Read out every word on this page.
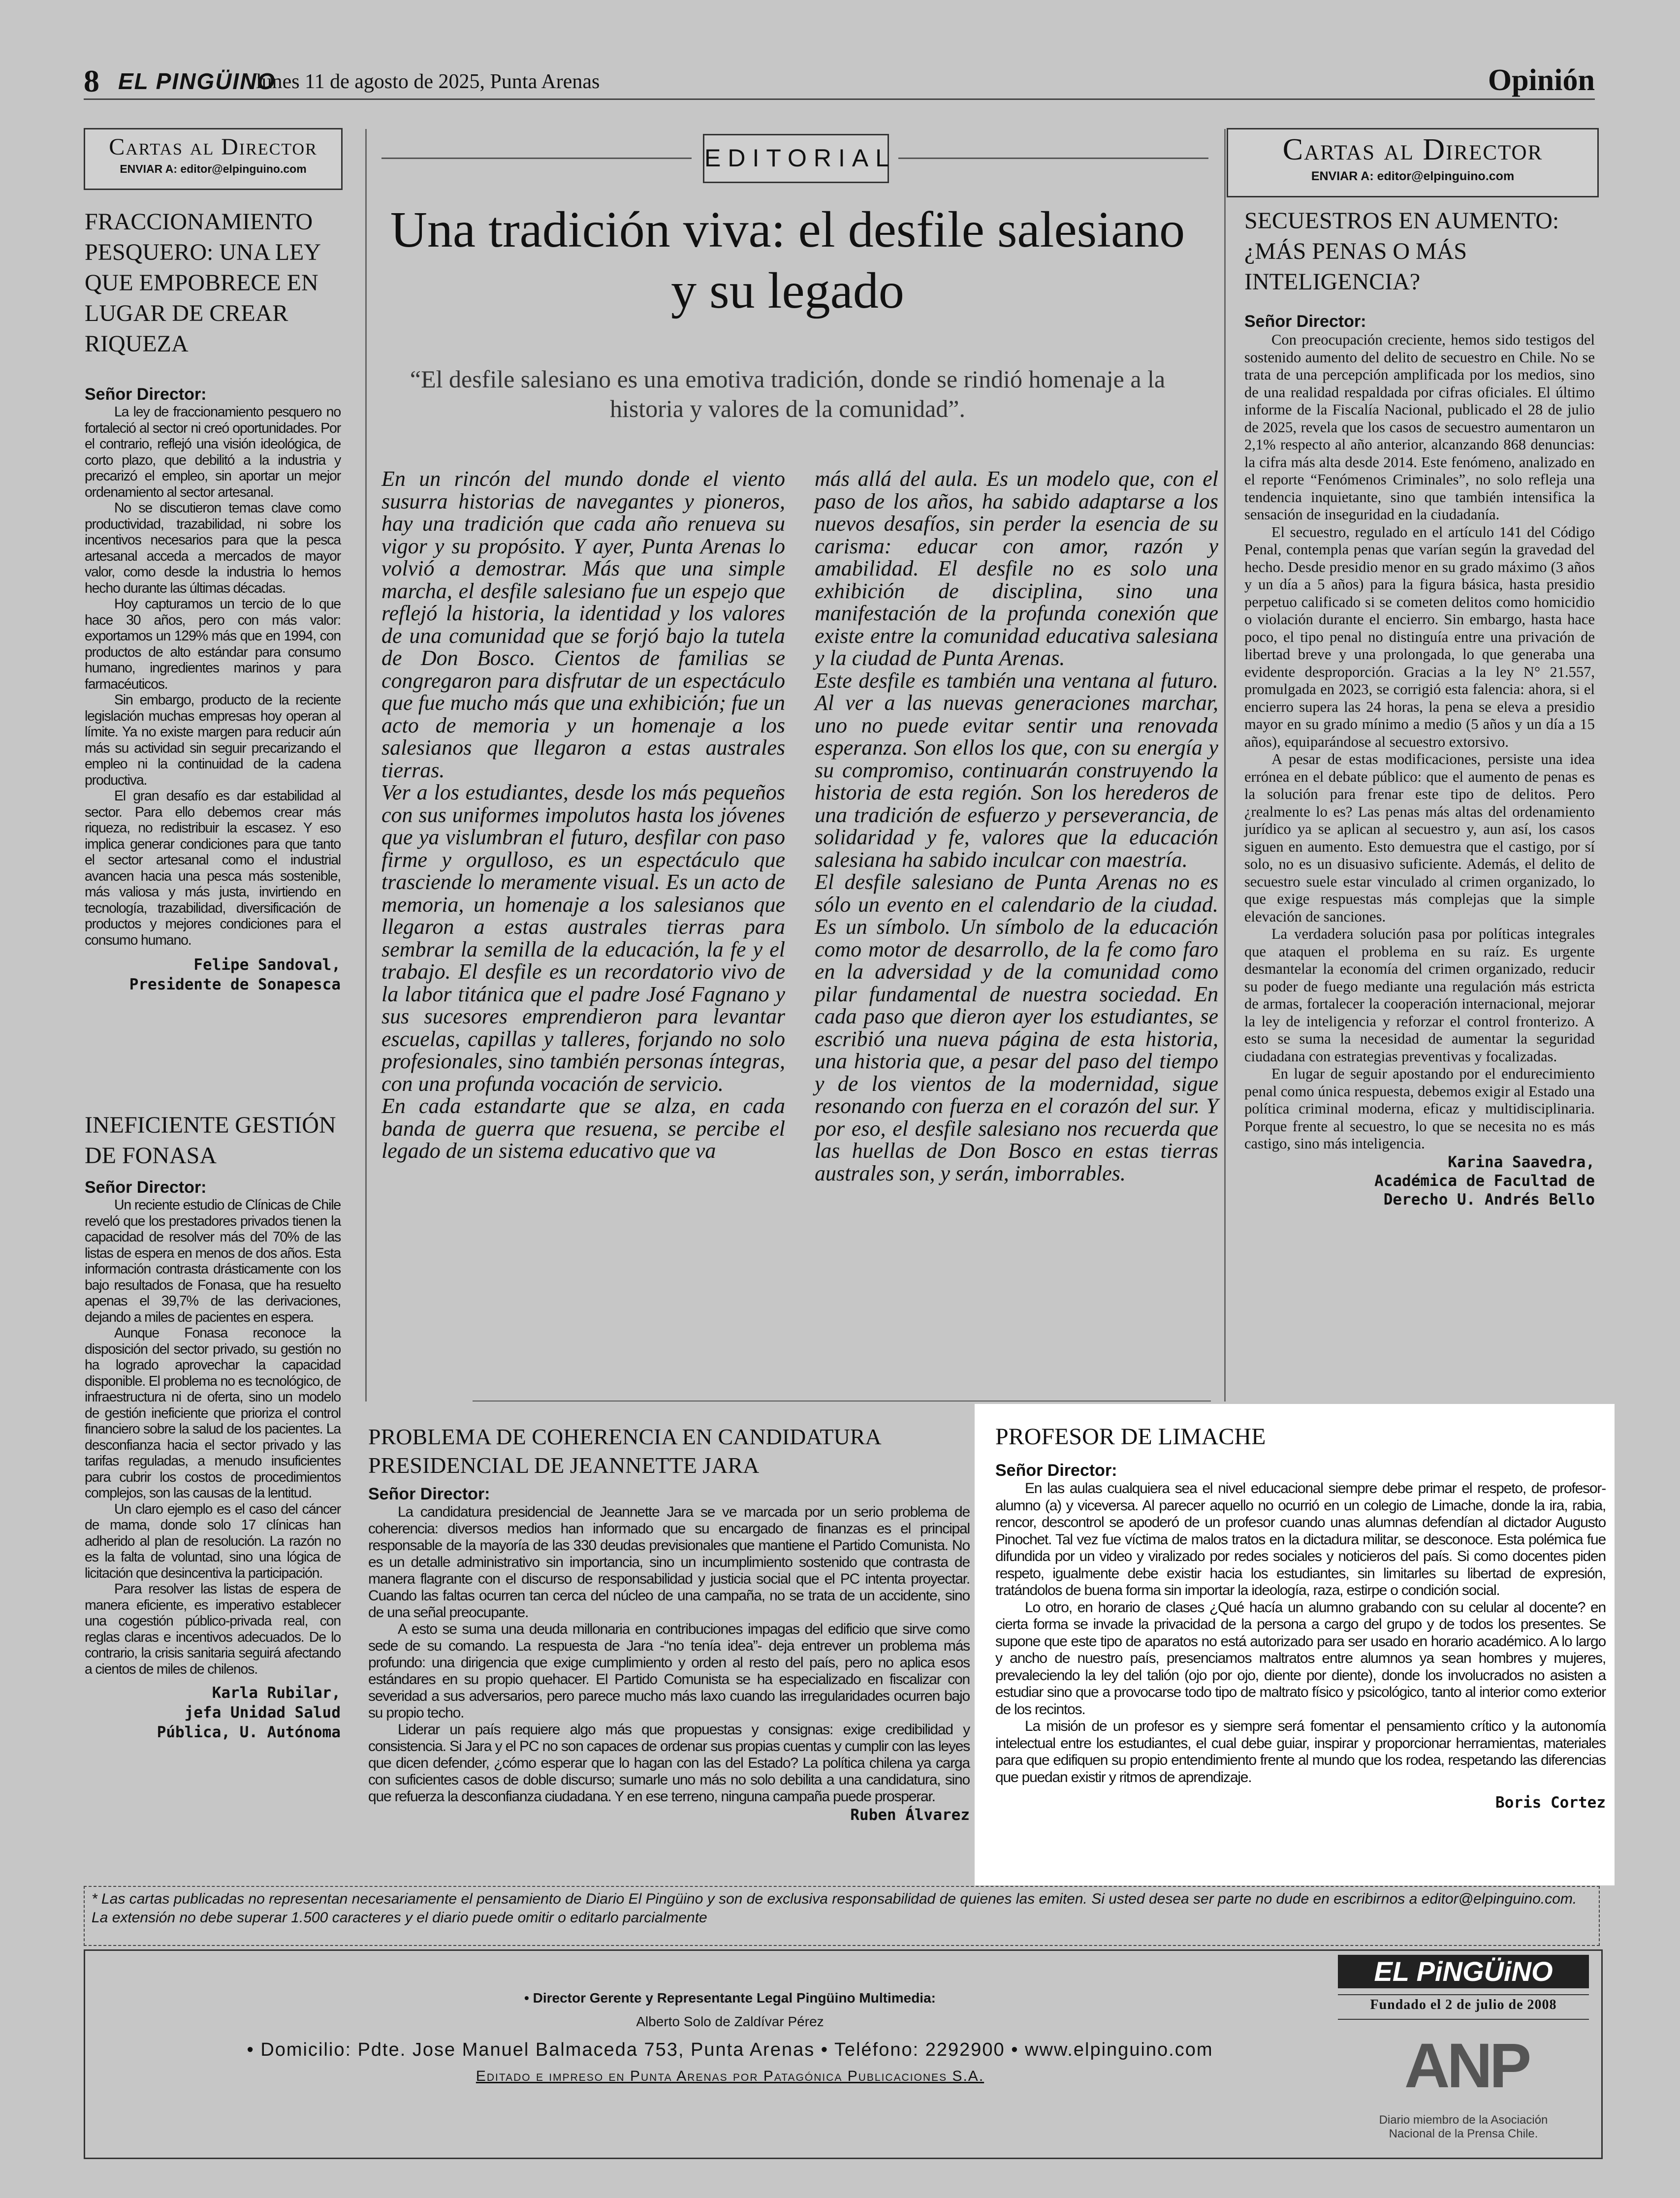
8 EL PINGÜINO
lunes 11 de agosto de 2025, Punta Arenas	Opinión
Cartas al Director
ENVIAR A: editor@elpinguino.com
FRACCIONAMIENTO PESQUERO: UNA LEY QUE EMPOBRECE EN LUGAR DE CREAR RIQUEZA
Señor Director:

La ley de fraccionamiento pesquero no fortaleció al sector ni creó oportunidades. Por el contrario, reflejó una visión ideológica, de corto plazo, que debilitó a la industria y precarizó el empleo, sin aportar un mejor ordenamiento al sector artesanal.

No se discutieron temas clave como productividad, trazabilidad, ni sobre los incentivos necesarios para que la pesca artesanal acceda a mercados de mayor valor, como desde la industria lo hemos hecho durante las últimas décadas.

Hoy capturamos un tercio de lo que hace 30 años, pero con más valor: exportamos un 129% más que en 1994, con productos de alto estándar para consumo humano, ingredientes marinos y para farmacéuticos.

Sin embargo, producto de la reciente legislación muchas empresas hoy operan al límite. Ya no existe margen para reducir aún más su actividad sin seguir precarizando el empleo ni la continuidad de la cadena productiva.

El gran desafío es dar estabilidad al sector. Para ello debemos crear más riqueza, no redistribuir la escasez. Y eso implica generar condiciones para que tanto el sector artesanal como el industrial avancen hacia una pesca más sostenible, más valiosa y más justa, invirtiendo en tecnología, trazabilidad, diversificación de productos y mejores condiciones para el consumo humano.

Felipe Sandoval,
Presidente de Sonapesca
INEFICIENTE GESTIÓN DE FONASA
Señor Director:

Un reciente estudio de Clínicas de Chile reveló que los prestadores privados tienen la capacidad de resolver más del 70% de las listas de espera en menos de dos años. Esta información contrasta drásticamente con los bajo resultados de Fonasa, que ha resuelto apenas el 39,7% de las derivaciones, dejando a miles de pacientes en espera.

Aunque Fonasa reconoce la disposición del sector privado, su gestión no ha logrado aprovechar la capacidad disponible. El problema no es tecnológico, de infraestructura ni de oferta, sino un modelo de gestión ineficiente que prioriza el control financiero sobre la salud de los pacientes. La desconfianza hacia el sector privado y las tarifas reguladas, a menudo insuficientes para cubrir los costos de procedimientos complejos, son las causas de la lentitud.

Un claro ejemplo es el caso del cáncer de mama, donde solo 17 clínicas han adherido al plan de resolución. La razón no es la falta de voluntad, sino una lógica de licitación que desincentiva la participación.

Para resolver las listas de espera de manera eficiente, es imperativo establecer una cogestión público-privada real, con reglas claras e incentivos adecuados. De lo contrario, la crisis sanitaria seguirá afectando a cientos de miles de chilenos.

Karla Rubilar,
jefa Unidad Salud
Pública, U. Autónoma
EDITORIAL
Una tradición viva: el desfile salesiano y su legado
“El desfile salesiano es una emotiva tradición, donde se rindió homenaje a la historia y valores de la comunidad”.

En un rincón del mundo donde el viento susurra historias de navegantes y pioneros, hay una tradición que cada año renueva su vigor y su propósito. Y ayer, Punta Arenas lo volvió a demostrar. Más que una simple marcha, el desfile salesiano fue un espejo que reflejó la historia, la identidad y los valores de una comunidad que se forjó bajo la tutela de Don Bosco. Cientos de familias se congregaron para disfrutar de un espectáculo que fue mucho más que una exhibición; fue un acto de memoria y un homenaje a los salesianos que llegaron a estas australes tierras.

Ver a los estudiantes, desde los más pequeños con sus uniformes impolutos hasta los jóvenes que ya vislumbran el futuro, desfilar con paso firme y orgulloso, es un espectáculo que trasciende lo meramente visual. Es un acto de memoria, un homenaje a los salesianos que llegaron a estas australes tierras para sembrar la semilla de la educación, la fe y el trabajo. El desfile es un recordatorio vivo de la labor titánica que el padre José Fagnano y sus sucesores emprendieron para levantar escuelas, capillas y talleres, forjando no solo profesionales, sino también personas íntegras, con una profunda vocación de servicio.

En cada estandarte que se alza, en cada banda de guerra que resuena, se percibe el legado de un sistema educativo que va

más allá del aula. Es un modelo que, con el paso de los años, ha sabido adaptarse a los nuevos desafíos, sin perder la esencia de su carisma: educar con amor, razón y amabilidad. El desfile no es solo una exhibición de disciplina, sino una manifestación de la profunda conexión que existe entre la comunidad educativa salesiana y la ciudad de Punta Arenas.

Este desfile es también una ventana al futuro. Al ver a las nuevas generaciones marchar, uno no puede evitar sentir una renovada esperanza. Son ellos los que, con su energía y su compromiso, continuarán construyendo la historia de esta región. Son los herederos de una tradición de esfuerzo y perseverancia, de solidaridad y fe, valores que la educación salesiana ha sabido inculcar con maestría.

El desfile salesiano de Punta Arenas no es sólo un evento en el calendario de la ciudad. Es un símbolo. Un símbolo de la educación como motor de desarrollo, de la fe como faro en la adversidad y de la comunidad como pilar fundamental de nuestra sociedad. En cada paso que dieron ayer los estudiantes, se escribió una nueva página de esta historia, una historia que, a pesar del paso del tiempo y de los vientos de la modernidad, sigue resonando con fuerza en el corazón del sur. Y por eso, el desfile salesiano nos recuerda que las huellas de Don Bosco en estas tierras australes son, y serán, imborrables.

Cartas al Director
ENVIAR A: editor@elpinguino.com
SECUESTROS EN AUMENTO: ¿MÁS PENAS O MÁS INTELIGENCIA?
Señor Director:

Con preocupación creciente, hemos sido testigos del sostenido aumento del delito de secuestro en Chile. No se trata de una percepción amplificada por los medios, sino de una realidad respaldada por cifras oficiales. El último informe de la Fiscalía Nacional, publicado el 28 de julio de 2025, revela que los casos de secuestro aumentaron un 2,1% respecto al año anterior, alcanzando 868 denuncias: la cifra más alta desde 2014. Este fenómeno, analizado en el reporte “Fenómenos Criminales”, no solo refleja una tendencia inquietante, sino que también intensifica la sensación de inseguridad en la ciudadanía.

El secuestro, regulado en el artículo 141 del Código Penal, contempla penas que varían según la gravedad del hecho. Desde presidio menor en su grado máximo (3 años y un día a 5 años) para la figura básica, hasta presidio perpetuo calificado si se cometen delitos como homicidio o violación durante el encierro. Sin embargo, hasta hace poco, el tipo penal no distinguía entre una privación de libertad breve y una prolongada, lo que generaba una evidente desproporción. Gracias a la ley N° 21.557, promulgada en 2023, se corrigió esta falencia: ahora, si el encierro supera las 24 horas, la pena se eleva a presidio mayor en su grado mínimo a medio (5 años y un día a 15 años), equiparándose al secuestro extorsivo.

A pesar de estas modificaciones, persiste una idea errónea en el debate público: que el aumento de penas es la solución para frenar este tipo de delitos. Pero ¿realmente lo es? Las penas más altas del ordenamiento jurídico ya se aplican al secuestro y, aun así, los casos siguen en aumento. Esto demuestra que el castigo, por sí solo, no es un disuasivo suficiente. Además, el delito de secuestro suele estar vinculado al crimen organizado, lo que exige respuestas más complejas que la simple elevación de sanciones.

La verdadera solución pasa por políticas integrales que ataquen el problema en su raíz. Es urgente desmantelar la economía del crimen organizado, reducir su poder de fuego mediante una regulación más estricta de armas, fortalecer la cooperación internacional, mejorar la ley de inteligencia y reforzar el control fronterizo. A esto se suma la necesidad de aumentar la seguridad ciudadana con estrategias preventivas y focalizadas.

En lugar de seguir apostando por el endurecimiento penal como única respuesta, debemos exigir al Estado una política criminal moderna, eficaz y multidisciplinaria. Porque frente al secuestro, lo que se necesita no es más castigo, sino más inteligencia.

Karina Saavedra,
Académica de Facultad de
Derecho U. Andrés Bello
PROBLEMA DE COHERENCIA EN CANDIDATURA PRESIDENCIAL DE JEANNETTE JARA
Señor Director:

La candidatura presidencial de Jeannette Jara se ve marcada por un serio problema de coherencia: diversos medios han informado que su encargado de finanzas es el principal responsable de la mayoría de las 330 deudas previsionales que mantiene el Partido Comunista. No es un detalle administrativo sin importancia, sino un incumplimiento sostenido que contrasta de manera flagrante con el discurso de responsabilidad y justicia social que el PC intenta proyectar. Cuando las faltas ocurren tan cerca del núcleo de una campaña, no se trata de un accidente, sino de una señal preocupante.

A esto se suma una deuda millonaria en contribuciones impagas del edificio que sirve como sede de su comando. La respuesta de Jara -“no tenía idea”- deja entrever un problema más profundo: una dirigencia que exige cumplimiento y orden al resto del país, pero no aplica esos estándares en su propio quehacer. El Partido Comunista se ha especializado en fiscalizar con severidad a sus adversarios, pero parece mucho más laxo cuando las irregularidades ocurren bajo su propio techo.

Liderar un país requiere algo más que propuestas y consignas: exige credibilidad y consistencia. Si Jara y el PC no son capaces de ordenar sus propias cuentas y cumplir con las leyes que dicen defender, ¿cómo esperar que lo hagan con las del Estado? La política chilena ya carga con suficientes casos de doble discurso; sumarle uno más no solo debilita a una candidatura, sino que refuerza la desconfianza ciudadana. Y en ese terreno, ninguna campaña puede prosperar.

Ruben Álvarez
PROFESOR DE LIMACHE
Señor Director:

En las aulas cualquiera sea el nivel educacional siempre debe primar el respeto, de profesor-alumno (a) y viceversa. Al parecer aquello no ocurrió en un colegio de Limache, donde la ira, rabia, rencor, descontrol se apoderó de un profesor cuando unas alumnas defendían al dictador Augusto Pinochet. Tal vez fue víctima de malos tratos en la dictadura militar, se desconoce. Esta polémica fue difundida por un video y viralizado por redes sociales y noticieros del país. Si como docentes piden respeto, igualmente debe existir hacia los estudiantes, sin limitarles su libertad de expresión, tratándolos de buena forma sin importar la ideología, raza, estirpe o condición social.

Lo otro, en horario de clases ¿Qué hacía un alumno grabando con su celular al docente? en cierta forma se invade la privacidad de la persona a cargo del grupo y de todos los presentes. Se supone que este tipo de aparatos no está autorizado para ser usado en horario académico. A lo largo y ancho de nuestro país, presenciamos maltratos entre alumnos ya sean hombres y mujeres, prevaleciendo la ley del talión (ojo por ojo, diente por diente), donde los involucrados no asisten a estudiar sino que a provocarse todo tipo de maltrato físico y psicológico, tanto al interior como exterior de los recintos.

La misión de un profesor es y siempre será fomentar el pensamiento crítico y la autonomía intelectual entre los estudiantes, el cual debe guiar, inspirar y proporcionar herramientas, materiales para que edifiquen su propio entendimiento frente al mundo que los rodea, respetando las diferencias que puedan existir y ritmos de aprendizaje.

Boris Cortez
* Las cartas publicadas no representan necesariamente el pensamiento de Diario El Pingüino y son de exclusiva responsabilidad de quienes las emiten. Si usted desea ser parte no dude en escribirnos a editor@elpinguino.com. La extensión no debe superar 1.500 caracteres y el diario puede omitir o editarlo parcialmente
• Director Gerente y Representante Legal Pingüino Multimedia:
Alberto Solo de Zaldívar Pérez
• Domicilio: Pdte. Jose Manuel Balmaceda 753, Punta Arenas • Teléfono: 2292900 • www.elpinguino.com
Editado e impreso en Punta Arenas por Patagónica Publicaciones S.A.
EL PiNGÜiNO
Fundado el 2 de julio de 2008
ANP
Diario miembro de la Asociación
Nacional de la Prensa Chile.
